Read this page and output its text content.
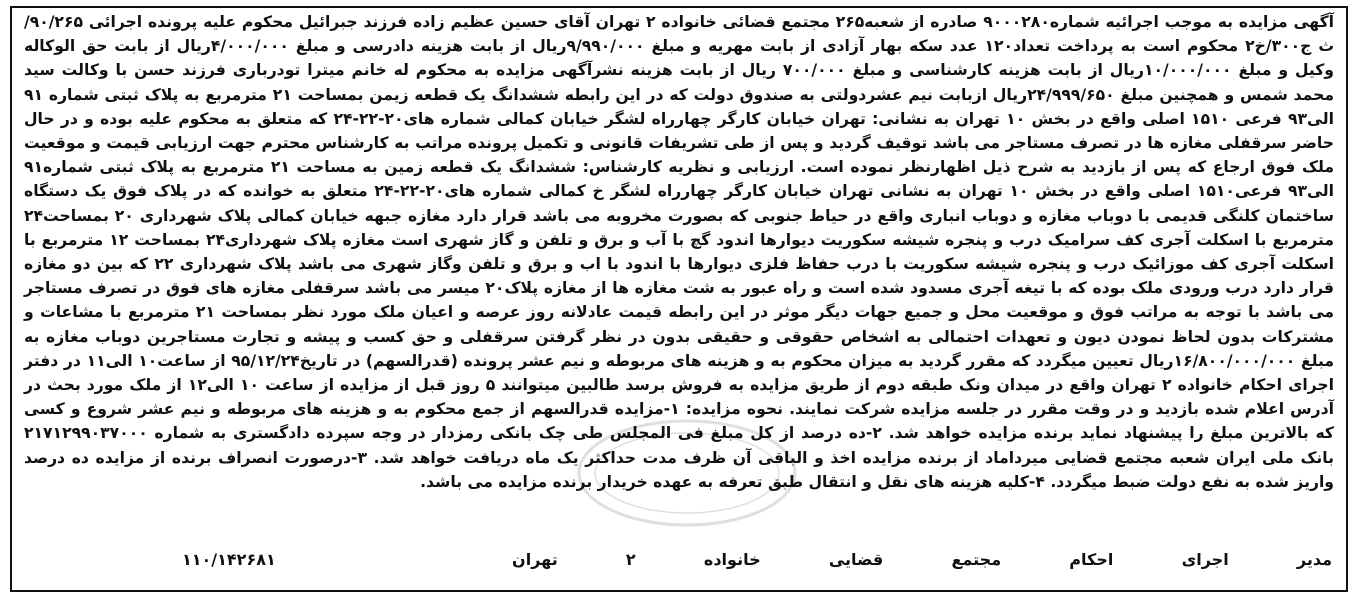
آگهی مزایده به موجب اجرائیه شماره۹۰۰۰۲۸۰ صادره از شعبه۲۶۵ مجتمع قضائی خانواده ۲ تهران آقای حسین عظیم زاده فرزند جبرائیل محکوم علیه پرونده اجرائی ۹۰/۲۶۵/ث ج۳۰۰/خ۲ محکوم است به پرداخت تعداد۱۲۰ عدد سکه بهار آزادی از بابت مهریه و مبلغ ۹/۹۹۰/۰۰۰ریال از بابت هزینه دادرسی و مبلغ ۴/۰۰۰/۰۰۰ریال از بابت حق الوکاله وکیل و مبلغ ۱۰/۰۰۰/۰۰۰ریال از بابت هزینه کارشناسی و مبلغ ۷۰۰/۰۰۰ ریال از بابت هزینه نشرآگهی مزایده به محکوم له خانم میترا تودرباری فرزند حسن با وکالت سید محمد شمس و همچنین مبلغ ۲۴/۹۹۹/۶۵۰ریال ازبابت نیم عشردولتی به صندوق دولت که در این رابطه ششدانگ یک قطعه زیمن بمساحت ۲۱ مترمربع به پلاک ثبتی شماره ۹۱ الی۹۳ فرعی ۱۵۱۰ اصلی واقع در بخش ۱۰ تهران به نشانی: تهران خیابان کارگر چهارراه لشگر خیابان کمالی شماره های۲۰-۲۲-۲۴ که متعلق به محکوم علیه بوده و در حال حاضر سرقفلی مغازه ها در تصرف مستاجر می باشد توقیف گردید و پس از طی تشریفات قانونی و تکمیل پرونده مراتب به کارشناس محترم جهت ارزیابی قیمت و موقعیت ملک فوق ارجاع که پس از بازدید به شرح ذیل اظهارنظر نموده است. ارزیابی و نظریه کارشناس: ششدانگ یک قطعه زمین به مساحت ۲۱ مترمربع به پلاک ثبتی شماره۹۱ الی۹۳ فرعی۱۵۱۰ اصلی واقع در بخش ۱۰ تهران به نشانی تهران خیابان کارگر چهارراه لشگر خ کمالی شماره های۲۰-۲۲-۲۴ متعلق به خوانده که در پلاک فوق یک دستگاه ساختمان کلنگی قدیمی با دوباب مغازه و دوباب انباری واقع در حیاط جنوبی که بصورت مخروبه می باشد قرار دارد مغازه جبهه خیابان کمالی پلاک شهرداری ۲۰ بمساحت۲۴ مترمربع با اسکلت آجری کف سرامیک درب و پنجره شیشه سکوریت دیوارها اندود گچ با آب و برق و تلفن و گاز شهری است مغازه پلاک شهرداری۲۴ بمساحت ۱۲ مترمربع با اسکلت آجری کف موزائیک درب و پنجره شیشه سکوریت با درب حفاظ فلزی دیوارها با اندود با اب و برق و تلفن وگاز شهری می باشد پلاک شهرداری ۲۲ که بین دو مغازه قرار دارد درب ورودی ملک بوده که با تیغه آجری مسدود شده است و راه عبور به شت مغازه ها از مغازه پلاک۲۰ میسر می باشد سرقفلی مغازه های فوق در تصرف مستاجر می باشد با توجه به مراتب فوق و موقعیت محل و جمیع جهات دیگر موثر در این رابطه قیمت عادلانه روز عرصه و اعیان ملک مورد نظر بمساحت ۲۱ مترمربع با مشاعات و مشترکات بدون لحاظ نمودن دیون و تعهدات احتمالی به اشخاص حقوقی و حقیقی بدون در نظر گرفتن سرقفلی و حق کسب و پیشه و تجارت مستاجرین دوباب مغازه به مبلغ ۱۶/۸۰۰/۰۰۰/۰۰۰ریال تعیین میگردد که مقرر گردید به میزان محکوم به و هزینه های مربوطه و نیم عشر پرونده (قدرالسهم) در تاریخ۹۵/۱۲/۲۴ از ساعت۱۰ الی۱۱ در دفتر اجرای احکام خانواده ۲ تهران واقع در میدان ونک طبقه دوم از طریق مزایده به فروش برسد طالبین میتوانند ۵ روز قبل از مزایده از ساعت ۱۰ الی۱۲ از ملک مورد بحث در آدرس اعلام شده بازدید و در وقت مقرر در جلسه مزایده شرکت نمایند. نحوه مزایده: ۱-مزایده قدرالسهم از جمع محکوم به و هزینه های مربوطه و نیم عشر شروع و کسی که بالاترین مبلغ را پیشنهاد نماید برنده مزایده خواهد شد. ۲-ده درصد از کل مبلغ فی المجلس طی چک بانکی رمزدار در وجه سپرده دادگستری به شماره ۲۱۷۱۲۹۹۰۳۷۰۰۰ بانک ملی ایران شعبه مجتمع قضایی میرداماد از برنده مزایده اخذ و الباقی آن ظرف مدت حداکثر یک ماه دریافت خواهد شد. ۳-درصورت انصراف برنده از مزایده ده درصد واریز شده به نفع دولت ضبط میگردد. ۴-کلیه هزینه های نقل و انتقال طبق تعرفه به عهده خریدار برنده مزایده می باشد.

مدیر
اجرای
احکام
مجتمع
قضایی
خانواده
۲
تهران
۱۱۰/۱۴۲۶۸۱
